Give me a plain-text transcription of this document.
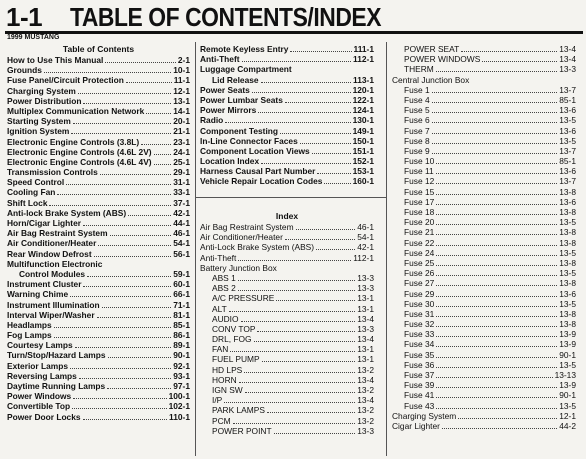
1-1 TABLE OF CONTENTS/INDEX
1999 MUSTANG
Table of Contents
How to Use This Manual	2-1
Grounds	10-1
Fuse Panel/Circuit Protection	11-1
Charging System	12-1
Power Distribution	13-1
Multiplex Communication Network	14-1
Starting System	20-1
Ignition System	21-1
Electronic Engine Controls (3.8L)	23-1
Electronic Engine Controls (4.6L 2V)	24-1
Electronic Engine Controls (4.6L 4V)	25-1
Transmission Controls	29-1
Speed Control	31-1
Cooling Fan	33-1
Shift Lock	37-1
Anti-lock Brake System (ABS)	42-1
Horn/Cigar Lighter	44-1
Air Bag Restraint System	46-1
Air Conditioner/Heater	54-1
Rear Window Defrost	56-1
Multifunction Electronic
Control Modules	59-1
Instrument Cluster	60-1
Warning Chime	66-1
Instrument Illumination	71-1
Interval Wiper/Washer	81-1
Headlamps	85-1
Fog Lamps	86-1
Courtesy Lamps	89-1
Turn/Stop/Hazard Lamps	90-1
Exterior Lamps	92-1
Reversing Lamps	93-1
Daytime Running Lamps	97-1
Power Windows	100-1
Convertible Top	102-1
Power Door Locks	110-1
Remote Keyless Entry	111-1
Anti-Theft	112-1
Luggage Compartment
Lid Release	113-1
Power Seats	120-1
Power Lumbar Seats	122-1
Power Mirrors	124-1
Radio	130-1
Component Testing	149-1
In-Line Connector Faces	150-1
Component Location Views	151-1
Location Index	152-1
Harness Causal Part Number	153-1
Vehicle Repair Location Codes	160-1
Index
Air Bag Restraint System	46-1
Air Conditioner/Heater	54-1
Anti-Lock Brake System (ABS)	42-1
Anti-Theft	112-1
Battery Junction Box
ABS 1	13-3
ABS 2	13-3
A/C PRESSURE	13-1
ALT	13-1
AUDIO	13-4
CONV TOP	13-3
DRL, FOG	13-4
FAN	13-1
FUEL PUMP	13-1
HD LPS	13-2
HORN	13-4
IGN SW	13-2
I/P	13-4
PARK LAMPS	13-2
PCM	13-2
POWER POINT	13-3
POWER SEAT	13-4
POWER WINDOWS	13-4
THERM	13-3
Central Junction Box
Fuse 1	13-7
Fuse 4	85-1
Fuse 5	13-6
Fuse 6	13-5
Fuse 7	13-6
Fuse 8	13-5
Fuse 9	13-7
Fuse 10	85-1
Fuse 11	13-6
Fuse 12	13-7
Fuse 15	13-8
Fuse 17	13-6
Fuse 18	13-8
Fuse 20	13-5
Fuse 21	13-8
Fuse 22	13-8
Fuse 24	13-5
Fuse 25	13-8
Fuse 26	13-5
Fuse 27	13-8
Fuse 29	13-6
Fuse 30	13-5
Fuse 31	13-8
Fuse 32	13-8
Fuse 33	13-9
Fuse 34	13-9
Fuse 35	90-1
Fuse 36	13-5
Fuse 37	13-13
Fuse 39	13-9
Fuse 41	90-1
Fuse 43	13-5
Charging System	12-1
Cigar Lighter	44-2
